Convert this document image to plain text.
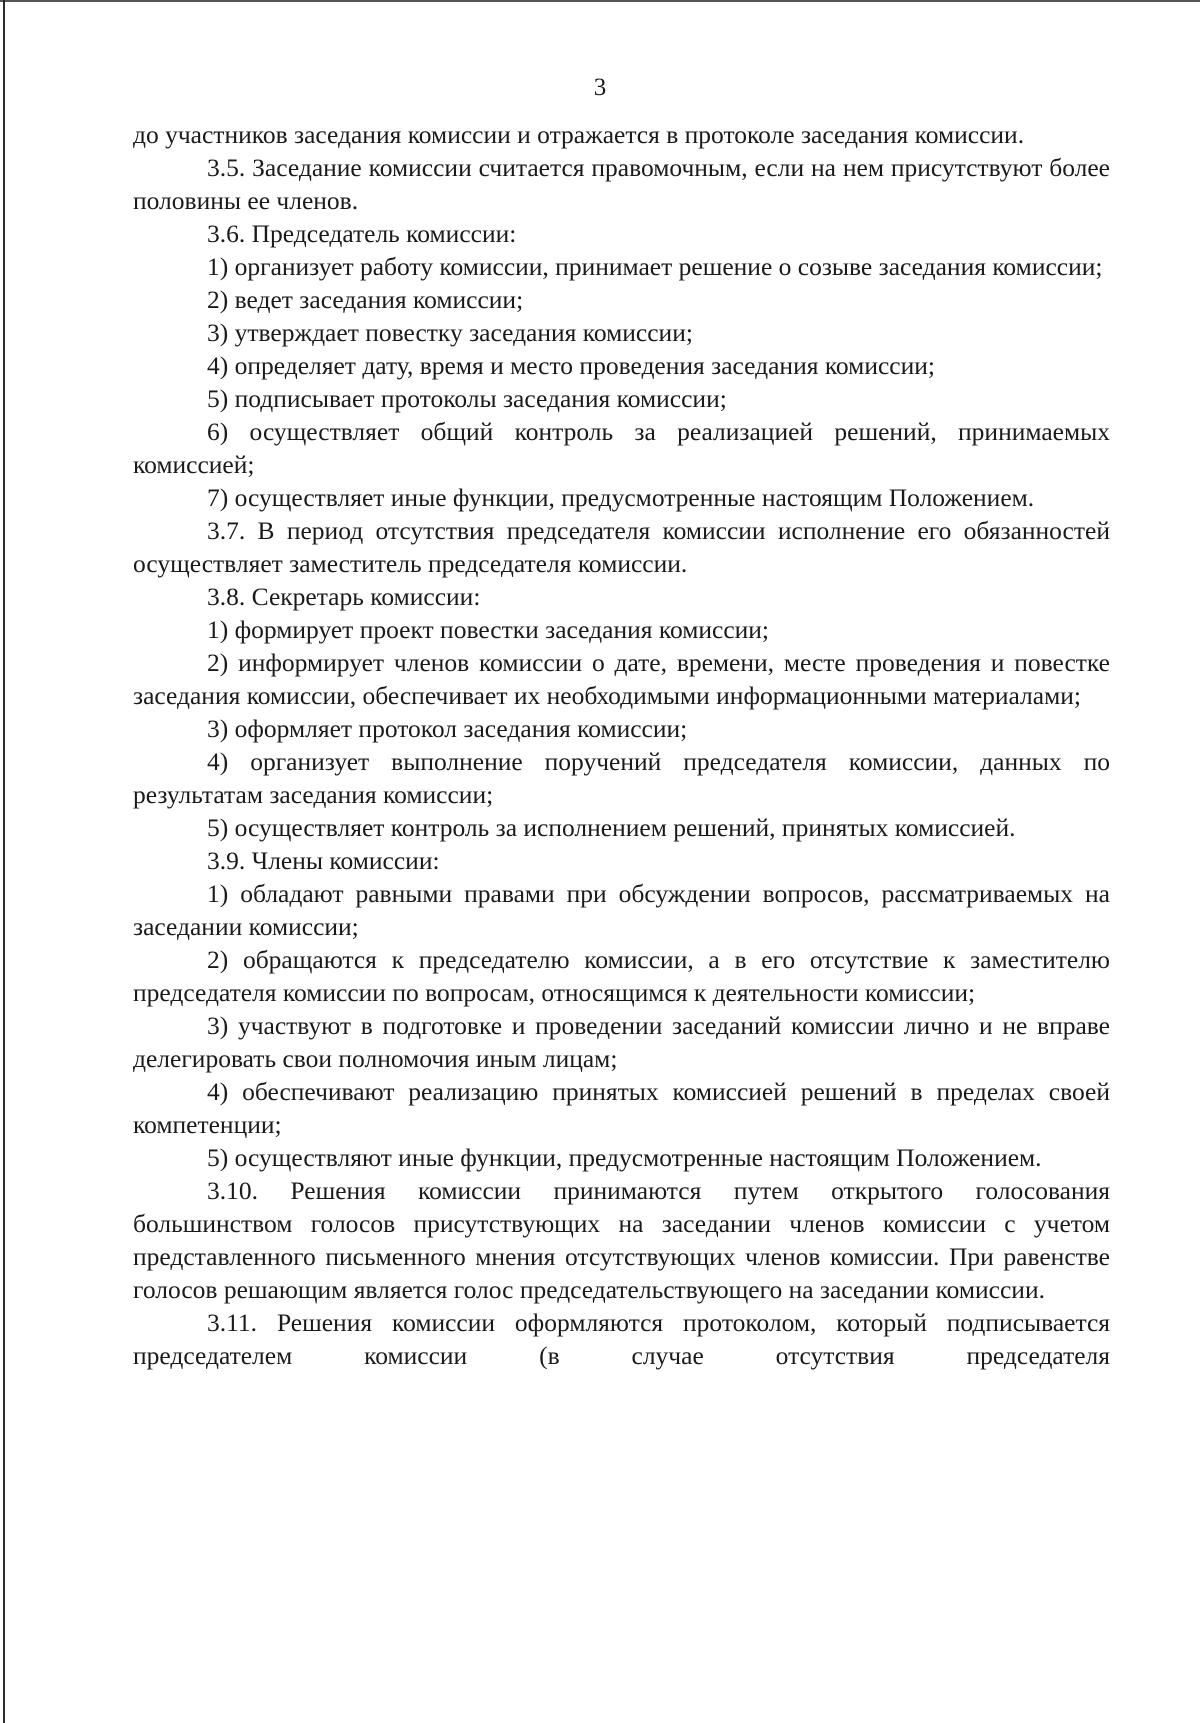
3

до участников заседания комиссии и отражается в протоколе заседания комиссии.

3.5. Заседание комиссии считается правомочным, если на нем присутствуют более половины ее членов.

3.6. Председатель комиссии:

1) организует работу комиссии, принимает решение о созыве заседания комиссии;

2) ведет заседания комиссии;

3) утверждает повестку заседания комиссии;

4) определяет дату, время и место проведения заседания комиссии;

5) подписывает протоколы заседания комиссии;

6) осуществляет общий контроль за реализацией решений, принимаемых комиссией;

7) осуществляет иные функции, предусмотренные настоящим Положением.

3.7. В период отсутствия председателя комиссии исполнение его обязанностей осуществляет заместитель председателя комиссии.

3.8. Секретарь комиссии:

1) формирует проект повестки заседания комиссии;

2) информирует членов комиссии о дате, времени, месте проведения и повестке заседания комиссии, обеспечивает их необходимыми информационными материалами;

3) оформляет протокол заседания комиссии;

4) организует выполнение поручений председателя комиссии, данных по результатам заседания комиссии;

5) осуществляет контроль за исполнением решений, принятых комиссией.

3.9. Члены комиссии:

1) обладают равными правами при обсуждении вопросов, рассматриваемых на заседании комиссии;

2) обращаются к председателю комиссии, а в его отсутствие к заместителю председателя комиссии по вопросам, относящимся к деятельности комиссии;

3) участвуют в подготовке и проведении заседаний комиссии лично и не вправе делегировать свои полномочия иным лицам;

4) обеспечивают реализацию принятых комиссией решений в пределах своей компетенции;

5) осуществляют иные функции, предусмотренные настоящим Положением.

3.10. Решения комиссии принимаются путем открытого голосования большинством голосов присутствующих на заседании членов комиссии с учетом представленного письменного мнения отсутствующих членов комиссии. При равенстве голосов решающим является голос председательствующего на заседании комиссии.

3.11. Решения комиссии оформляются протоколом, который подписывается председателем комиссии (в случае отсутствия председателя
